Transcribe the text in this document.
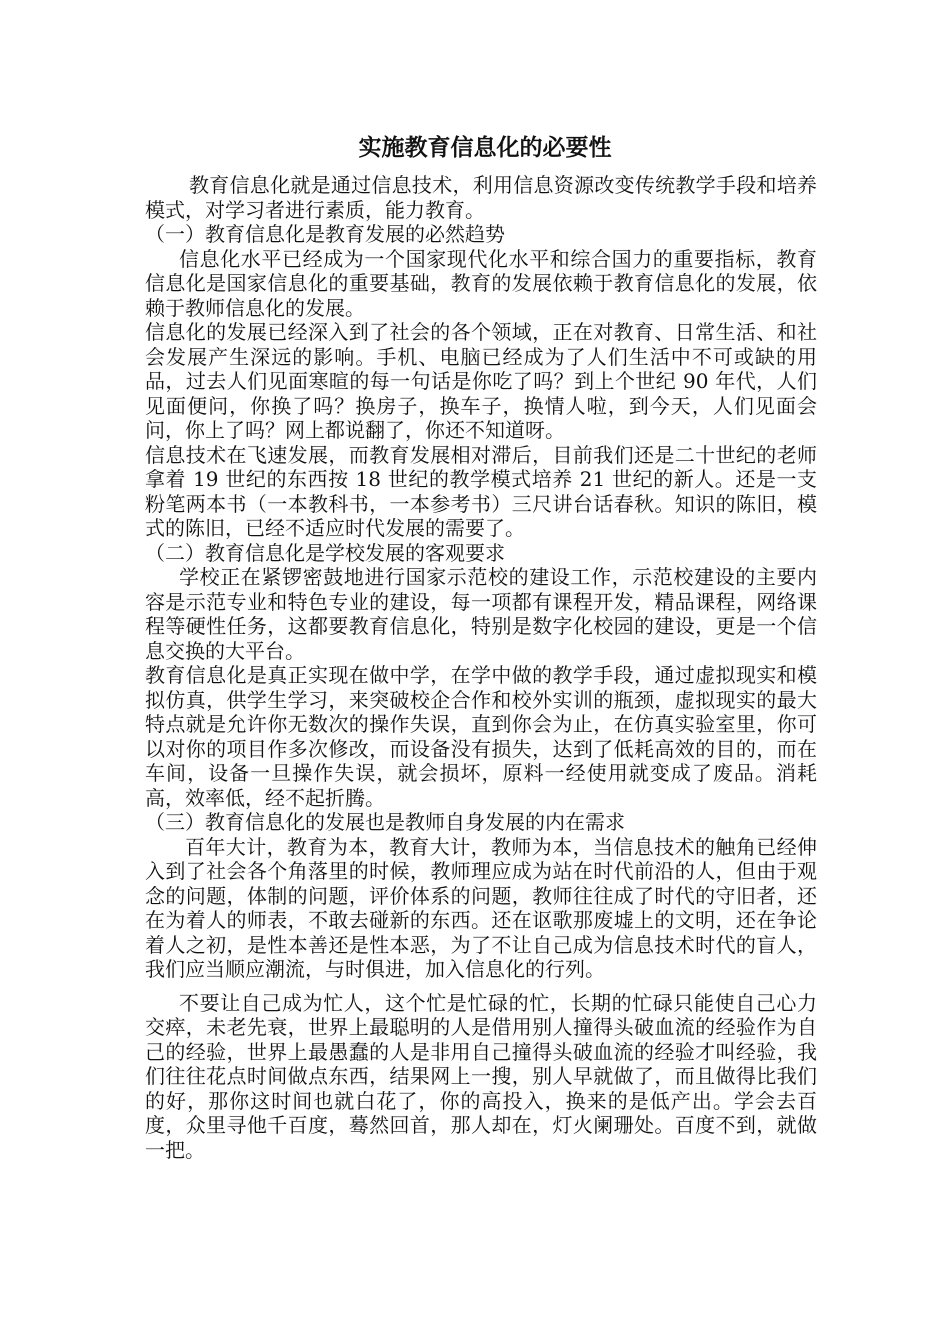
实施教育信息化的必要性

教育信息化就是通过信息技术，利用信息资源改变传统教学手段和培养模式，对学习者进行素质，能力教育。

（一）教育信息化是教育发展的必然趋势

信息化水平已经成为一个国家现代化水平和综合国力的重要指标，教育信息化是国家信息化的重要基础，教育的发展依赖于教育信息化的发展，依赖于教师信息化的发展。

信息化的发展已经深入到了社会的各个领域，正在对教育、日常生活、和社会发展产生深远的影响。手机、电脑已经成为了人们生活中不可或缺的用品，过去人们见面寒暄的每一句话是你吃了吗？到上个世纪 90 年代，人们见面便问，你换了吗？换房子，换车子，换情人啦，到今天，人们见面会问，你上了吗？网上都说翻了，你还不知道呀。

信息技术在飞速发展，而教育发展相对滞后，目前我们还是二十世纪的老师拿着 19 世纪的东西按 18 世纪的教学模式培养 21 世纪的新人。还是一支粉笔两本书（一本教科书，一本参考书）三尺讲台话春秋。知识的陈旧，模式的陈旧，已经不适应时代发展的需要了。

（二）教育信息化是学校发展的客观要求

学校正在紧锣密鼓地进行国家示范校的建设工作，示范校建设的主要内容是示范专业和特色专业的建设，每一项都有课程开发，精品课程，网络课程等硬性任务，这都要教育信息化，特别是数字化校园的建设，更是一个信息交换的大平台。

教育信息化是真正实现在做中学，在学中做的教学手段，通过虚拟现实和模拟仿真，供学生学习，来突破校企合作和校外实训的瓶颈，虚拟现实的最大特点就是允许你无数次的操作失误，直到你会为止，在仿真实验室里，你可以对你的项目作多次修改，而设备没有损失，达到了低耗高效的目的，而在车间，设备一旦操作失误，就会损坏，原料一经使用就变成了废品。消耗高，效率低，经不起折腾。

（三）教育信息化的发展也是教师自身发展的内在需求

百年大计，教育为本，教育大计，教师为本，当信息技术的触角已经伸入到了社会各个角落里的时候，教师理应成为站在时代前沿的人，但由于观念的问题，体制的问题，评价体系的问题，教师往往成了时代的守旧者，还在为着人的师表，不敢去碰新的东西。还在讴歌那废墟上的文明，还在争论着人之初，是性本善还是性本恶，为了不让自己成为信息技术时代的盲人，我们应当顺应潮流，与时俱进，加入信息化的行列。

不要让自己成为忙人，这个忙是忙碌的忙，长期的忙碌只能使自己心力交瘁，未老先衰，世界上最聪明的人是借用别人撞得头破血流的经验作为自己的经验，世界上最愚蠢的人是非用自己撞得头破血流的经验才叫经验，我们往往花点时间做点东西，结果网上一搜，别人早就做了，而且做得比我们的好，那你这时间也就白花了，你的高投入，换来的是低产出。学会去百度，众里寻他千百度，蓦然回首，那人却在，灯火阑珊处。百度不到，就做一把。
